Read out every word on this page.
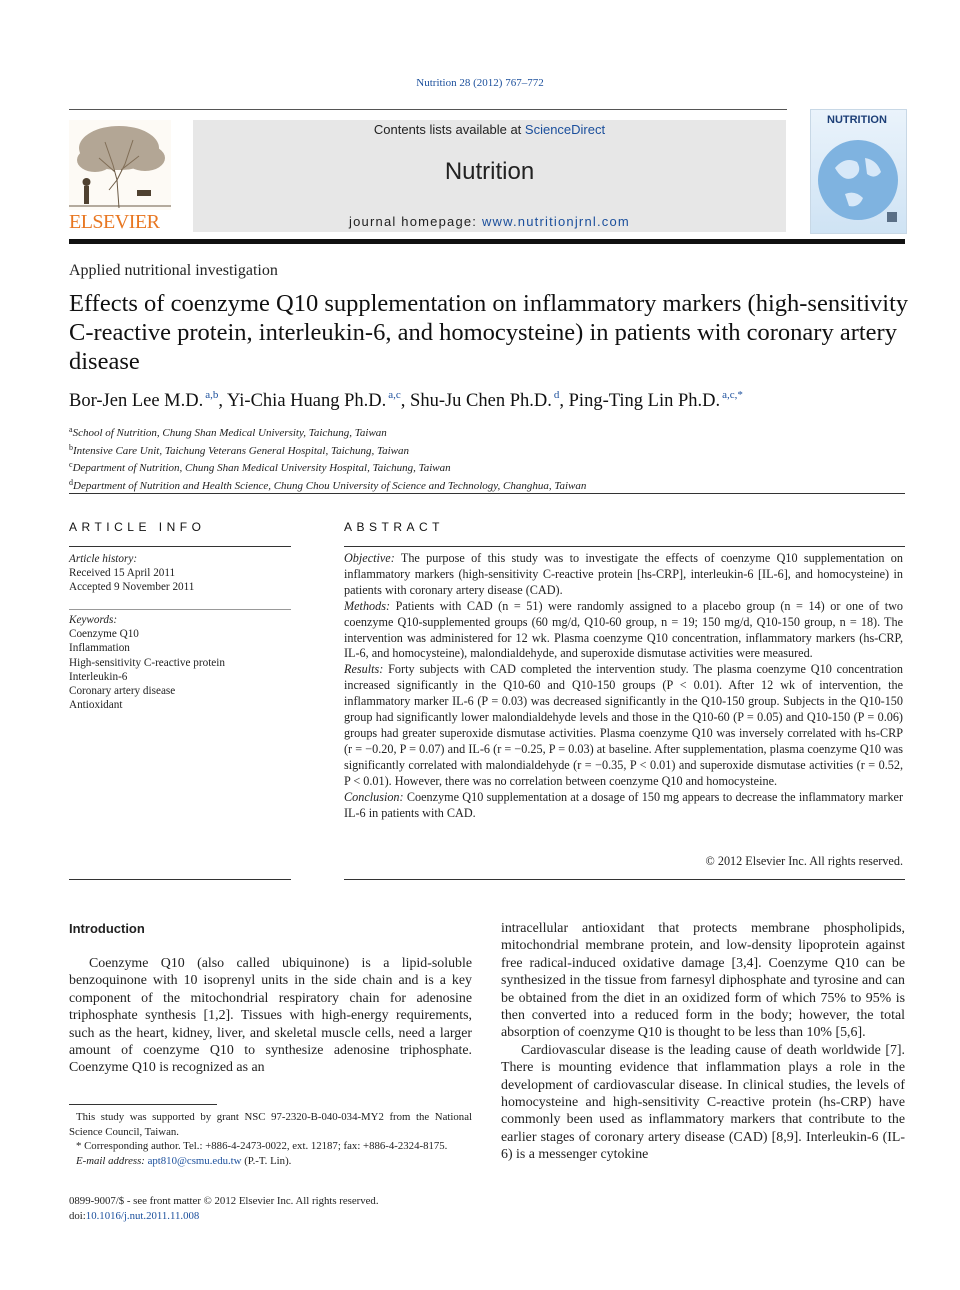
Nutrition 28 (2012) 767–772
ELSEVIER
Contents lists available at ScienceDirect
Nutrition
journal homepage: www.nutritionjrnl.com
NUTRITION
Applied nutritional investigation
Effects of coenzyme Q10 supplementation on inflammatory markers (high-sensitivity C-reactive protein, interleukin-6, and homocysteine) in patients with coronary artery disease
Bor-Jen Lee M.D. $^{a,b}$, Yi-Chia Huang Ph.D. $^{a,c}$, Shu-Ju Chen Ph.D. $^d$, Ping-Ting Lin Ph.D. $^{a,c,*}$
$^a$School of Nutrition, Chung Shan Medical University, Taichung, Taiwan
$^b$Intensive Care Unit, Taichung Veterans General Hospital, Taichung, Taiwan
$^c$Department of Nutrition, Chung Shan Medical University Hospital, Taichung, Taiwan
$^d$Department of Nutrition and Health Science, Chung Chou University of Science and Technology, Changhua, Taiwan
ARTICLE INFO
Article history:
Received 15 April 2011
Accepted 9 November 2011
Keywords:
Coenzyme Q10
Inflammation
High-sensitivity C-reactive protein
Interleukin-6
Coronary artery disease
Antioxidant
ABSTRACT

Objective: The purpose of this study was to investigate the effects of coenzyme Q10 supplementation on inflammatory markers (high-sensitivity C-reactive protein [hs-CRP], interleukin-6 [IL-6], and homocysteine) in patients with coronary artery disease (CAD).

Methods: Patients with CAD (n = 51) were randomly assigned to a placebo group (n = 14) or one of two coenzyme Q10-supplemented groups (60 mg/d, Q10-60 group, n = 19; 150 mg/d, Q10-150 group, n = 18). The intervention was administered for 12 wk. Plasma coenzyme Q10 concentration, inflammatory markers (hs-CRP, IL-6, and homocysteine), malondialdehyde, and superoxide dismutase activities were measured.

Results: Forty subjects with CAD completed the intervention study. The plasma coenzyme Q10 concentration increased significantly in the Q10-60 and Q10-150 groups (P < 0.01). After 12 wk of intervention, the inflammatory marker IL-6 (P = 0.03) was decreased significantly in the Q10-150 group. Subjects in the Q10-150 group had significantly lower malondialdehyde levels and those in the Q10-60 (P = 0.05) and Q10-150 (P = 0.06) groups had greater superoxide dismutase activities. Plasma coenzyme Q10 was inversely correlated with hs-CRP (r = −0.20, P = 0.07) and IL-6 (r = −0.25, P = 0.03) at baseline. After supplementation, plasma coenzyme Q10 was significantly correlated with malondialdehyde (r = −0.35, P < 0.01) and superoxide dismutase activities (r = 0.52, P < 0.01). However, there was no correlation between coenzyme Q10 and homocysteine.

Conclusion: Coenzyme Q10 supplementation at a dosage of 150 mg appears to decrease the inflammatory marker IL-6 in patients with CAD.

© 2012 Elsevier Inc. All rights reserved.
Introduction

Coenzyme Q10 (also called ubiquinone) is a lipid-soluble benzoquinone with 10 isoprenyl units in the side chain and is a key component of the mitochondrial respiratory chain for adenosine triphosphate synthesis [1,2]. Tissues with high-energy requirements, such as the heart, kidney, liver, and skeletal muscle cells, need a larger amount of coenzyme Q10 to synthesize adenosine triphosphate. Coenzyme Q10 is recognized as an

intracellular antioxidant that protects membrane phospholipids, mitochondrial membrane protein, and low-density lipoprotein against free radical-induced oxidative damage [3,4]. Coenzyme Q10 can be synthesized in the tissue from farnesyl diphosphate and tyrosine and can be obtained from the diet in an oxidized form of which 75% to 95% is then converted into a reduced form in the body; however, the total absorption of coenzyme Q10 is thought to be less than 10% [5,6].

Cardiovascular disease is the leading cause of death worldwide [7]. There is mounting evidence that inflammation plays a role in the development of cardiovascular disease. In clinical studies, the levels of homocysteine and high-sensitivity C-reactive protein (hs-CRP) have commonly been used as inflammatory markers that contribute to the earlier stages of coronary artery disease (CAD) [8,9]. Interleukin-6 (IL-6) is a messenger cytokine

This study was supported by grant NSC 97-2320-B-040-034-MY2 from the National Science Council, Taiwan.

* Corresponding author. Tel.: +886-4-2473-0022, ext. 12187; fax: +886-4-2324-8175.

E-mail address: apt810@csmu.edu.tw (P.-T. Lin).

0899-9007/$ - see front matter © 2012 Elsevier Inc. All rights reserved.
doi:10.1016/j.nut.2011.11.008
